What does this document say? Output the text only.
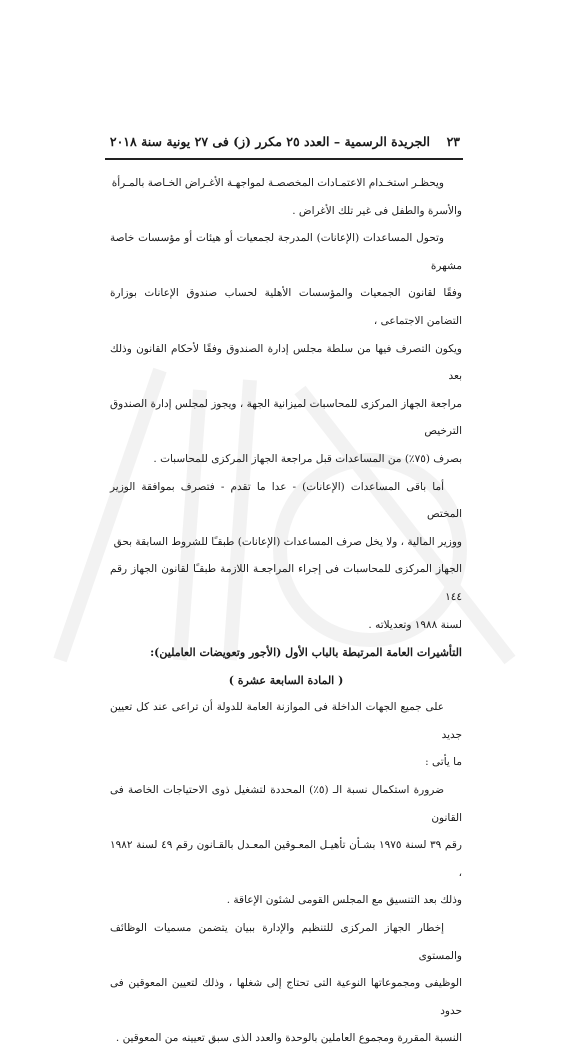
٢٣
الجريدة الرسمية – العدد ٢٥ مكرر (ز) فى ٢٧ يونية سنة ٢٠١٨

ويحظـر استخـدام الاعتمـادات المخصصـة لمواجهـة الأغـراض الخـاصة بالمـرأة

والأسرة والطفل فى غير تلك الأغراض .

وتحول المساعدات (الإعانات) المدرجة لجمعيات أو هيئات أو مؤسسات خاصة مشهرة

وفقًا لقانون الجمعيات والمؤسسات الأهلية لحساب صندوق الإعانات بوزارة التضامن الاجتماعى ،

ويكون التصرف فيها من سلطة مجلس إدارة الصندوق وفقًا لأحكام القانون وذلك بعد

مراجعة الجهاز المركزى للمحاسبات لميزانية الجهة ، ويجوز لمجلس إدارة الصندوق الترخيص

بصرف (٧٥٪) من المساعدات قبل مراجعة الجهاز المركزى للمحاسبات .

أما باقى المساعدات (الإعانات) - عدا ما تقدم - فتصرف بموافقة الوزير المختص

ووزير المالية ، ولا يخل صرف المساعدات (الإعانات) طبقـًا للشروط السابقة بحق

الجهاز المركزى للمحاسبات فى إجراء المراجعـة اللازمة طبقـًا لقانون الجهاز رقم ١٤٤

لسنة ١٩٨٨ وتعديلاته .

التأشيرات العامة المرتبطة بالباب الأول (الأجور وتعويضات العاملين):

( المادة السابعة عشرة )

على جميع الجهات الداخلة فى الموازنة العامة للدولة أن تراعى عند كل تعيين جديد

ما يأتى :

ضرورة استكمال نسبة الـ (٥٪) المحددة لتشغيل ذوى الاحتياجات الخاصة فى القانون

رقم ٣٩ لسنة ١٩٧٥ بشـأن تأهيـل المعـوقين المعـدل بالقـانون رقم ٤٩ لسنة ١٩٨٢ ،

وذلك بعد التنسيق مع المجلس القومى لشئون الإعاقة .

إخطار الجهاز المركزى للتنظيم والإدارة ببيان يتضمن مسميات الوظائف والمستوى

الوظيفى ومجموعاتها النوعية التى تحتاج إلى شغلها ، وذلك لتعيين المعوقين فى حدود

النسبة المقررة ومجموع العاملين بالوحدة والعدد الذى سبق تعيينه من المعوقين .
